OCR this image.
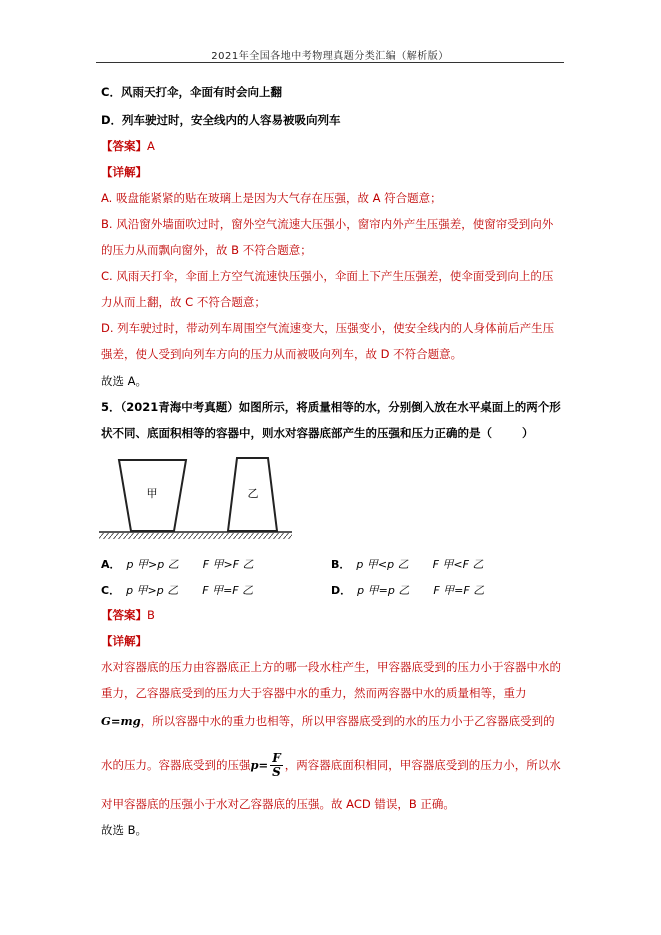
2021年全国各地中考物理真题分类汇编（解析版）
C．风雨天打伞，伞面有时会向上翻
D．列车驶过时，安全线内的人容易被吸向列车
【答案】A
【详解】
A. 吸盘能紧紧的贴在玻璃上是因为大气存在压强，故 A 符合题意；
B. 风沿窗外墙面吹过时，窗外空气流速大压强小，窗帘内外产生压强差，使窗帘受到向外
的压力从而飘向窗外，故 B 不符合题意；
C. 风雨天打伞，伞面上方空气流速快压强小，伞面上下产生压强差，使伞面受到向上的压
力从而上翻，故 C 不符合题意；
D. 列车驶过时，带动列车周围空气流速变大，压强变小，使安全线内的人身体前后产生压
强差，使人受到向列车方向的压力从而被吸向列车，故 D 不符合题意。
故选 A。
5．（2021青海中考真题）如图所示，将质量相等的水，分别倒入放在水平桌面上的两个形
状不同、底面积相等的容器中，则水对容器底部产生的压强和压力正确的是（	）
甲	乙
A． p 甲>p 乙 F 甲>F 乙	B． p 甲<p 乙 F 甲<F 乙
C． p 甲>p 乙 F 甲=F 乙	D． p 甲=p 乙 F 甲=F 乙
【答案】B
【详解】
水对容器底的压力由容器底正上方的哪一段水柱产生，甲容器底受到的压力小于容器中水的
重力，乙容器底受到的压力大于容器中水的重力，然而两容器中水的质量相等，重力
G=mg，所以容器中水的重力也相等，所以甲容器底受到的水的压力小于乙容器底受到的
水的压力。容器底受到的压强$p= \frac{F}{S}$ ，两容器底面积相同，甲容器底受到的压力小，所以水
对甲容器底的压强小于水对乙容器底的压强。故 ACD 错误，B 正确。
故选 B。
